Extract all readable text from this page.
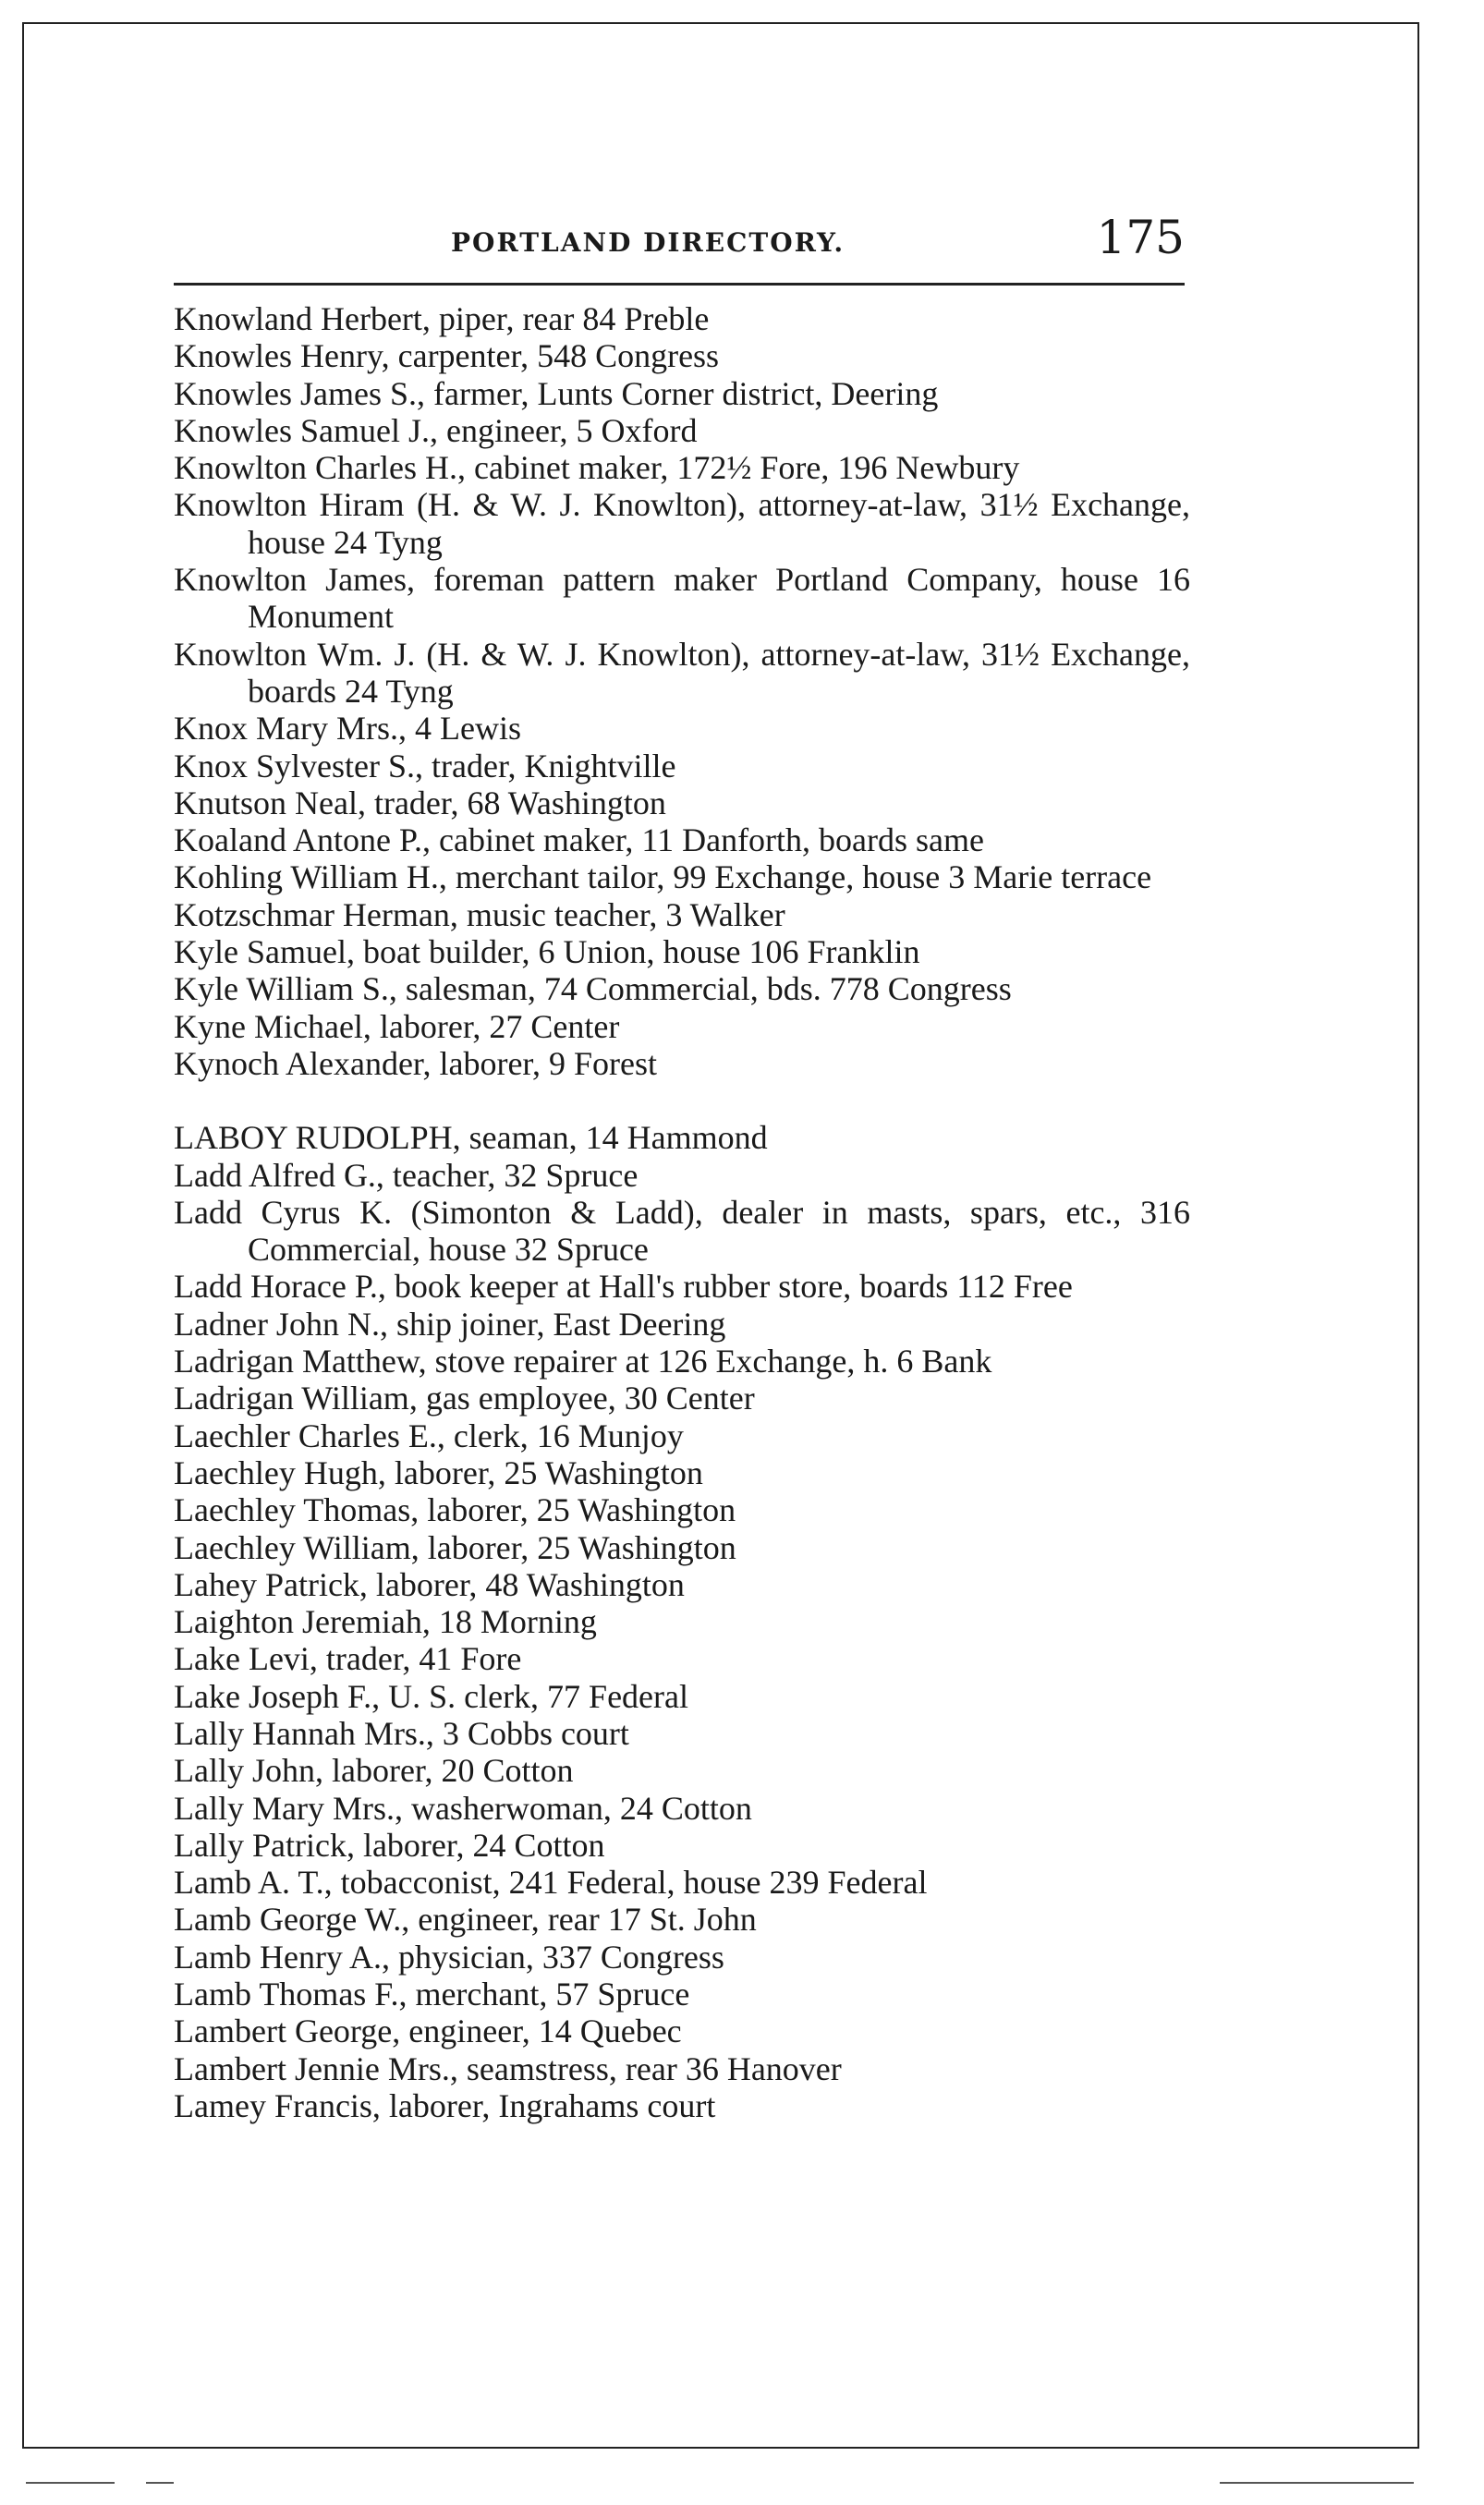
PORTLAND DIRECTORY.	175
Knowland Herbert, piper, rear 84 Preble
Knowles Henry, carpenter, 548 Congress
Knowles James S., farmer, Lunts Corner district, Deering
Knowles Samuel J., engineer, 5 Oxford
Knowlton Charles H., cabinet maker, 172½ Fore, 196 Newbury
Knowlton Hiram (H. & W. J. Knowlton), attorney-at-law, 31½ Exchange, house 24 Tyng
Knowlton James, foreman pattern maker Portland Company, house 16 Monument
Knowlton Wm. J. (H. & W. J. Knowlton), attorney-at-law, 31½ Exchange, boards 24 Tyng
Knox Mary Mrs., 4 Lewis
Knox Sylvester S., trader, Knightville
Knutson Neal, trader, 68 Washington
Koaland Antone P., cabinet maker, 11 Danforth, boards same
Kohling William H., merchant tailor, 99 Exchange, house 3 Marie terrace
Kotzschmar Herman, music teacher, 3 Walker
Kyle Samuel, boat builder, 6 Union, house 106 Franklin
Kyle William S., salesman, 74 Commercial, bds. 778 Congress
Kyne Michael, laborer, 27 Center
Kynoch Alexander, laborer, 9 Forest
LABOY RUDOLPH, seaman, 14 Hammond
Ladd Alfred G., teacher, 32 Spruce
Ladd Cyrus K. (Simonton & Ladd), dealer in masts, spars, etc., 316 Commercial, house 32 Spruce
Ladd Horace P., book keeper at Hall's rubber store, boards 112 Free
Ladner John N., ship joiner, East Deering
Ladrigan Matthew, stove repairer at 126 Exchange, h. 6 Bank
Ladrigan William, gas employee, 30 Center
Laechler Charles E., clerk, 16 Munjoy
Laechley Hugh, laborer, 25 Washington
Laechley Thomas, laborer, 25 Washington
Laechley William, laborer, 25 Washington
Lahey Patrick, laborer, 48 Washington
Laighton Jeremiah, 18 Morning
Lake Levi, trader, 41 Fore
Lake Joseph F., U. S. clerk, 77 Federal
Lally Hannah Mrs., 3 Cobbs court
Lally John, laborer, 20 Cotton
Lally Mary Mrs., washerwoman, 24 Cotton
Lally Patrick, laborer, 24 Cotton
Lamb A. T., tobacconist, 241 Federal, house 239 Federal
Lamb George W., engineer, rear 17 St. John
Lamb Henry A., physician, 337 Congress
Lamb Thomas F., merchant, 57 Spruce
Lambert George, engineer, 14 Quebec
Lambert Jennie Mrs., seamstress, rear 36 Hanover
Lamey Francis, laborer, Ingrahams court
